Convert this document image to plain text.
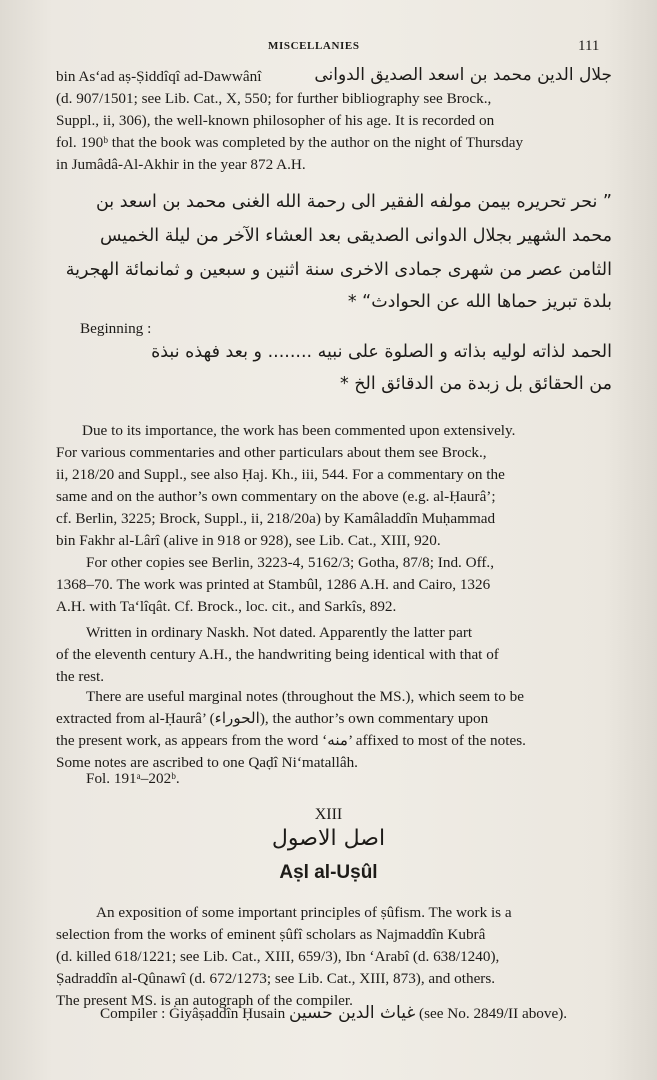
MISCELLANIES	111
bin As‘ad aṣ-Ṣiddîqî ad-Dawwânî	جلال الدين محمد بن اسعد الصديق الدوانى
(d. 907/1501; see Lib. Cat., X, 550; for further bibliography see Brock.,
Suppl., ii, 306), the well-known philosopher of his age. It is recorded on
fol. 190ᵇ that the book was completed by the author on the night of Thursday
in Jumâdâ-Al-Akhir in the year 872 A.H.
” نحر تحريره بيمن مولفه الفقير الى رحمة الله الغنى محمد بن اسعد بن
محمد الشهير بجلال الدوانى الصديقى بعد العشاء الآخر من ليلة الخميس
الثامن عصر من شهرى جمادى الاخرى سنة اثنين و سبعين و ثمانمائة الهجرية
بلدة تبريز حماها الله عن الحوادث“ *
Beginning :
الحمد لذاته لوليه بذاته و الصلوة على نبيه ........ و بعد فهذه نبذة
من الحقائق بل زبدة من الدقائق الخ *
Due to its importance, the work has been commented upon extensively.
For various commentaries and other particulars about them see Brock.,
ii, 218/20 and Suppl., see also Ḥaj. Kh., iii, 544. For a commentary on the
same and on the author’s own commentary on the above (e.g. al-Ḥaurâ’;
cf. Berlin, 3225; Brock, Suppl., ii, 218/20a) by Kamâladdîn Muḥammad
bin Fakhr al-Lârî (alive in 918 or 928), see Lib. Cat., XIII, 920.
For other copies see Berlin, 3223-4, 5162/3; Gotha, 87/8; Ind. Off.,
1368–70. The work was printed at Stambûl, 1286 A.H. and Cairo, 1326
A.H. with Ta‘lîqât. Cf. Brock., loc. cit., and Sarkîs, 892.
Written in ordinary Naskh. Not dated. Apparently the latter part
of the eleventh century A.H., the handwriting being identical with that of
the rest.
There are useful marginal notes (throughout the MS.), which seem to be
extracted from al-Ḥaurâ’ (الحوراء), the author’s own commentary upon
the present work, as appears from the word ‘منه’ affixed to most of the notes.
Some notes are ascribed to one Qaḍî Ni‘matallâh.
Fol. 191ᵃ–202ᵇ.
XIII
اصل الاصول
Aṣl al-Uṣûl
An exposition of some important principles of ṣûfism. The work is a
selection from the works of eminent ṣûfî scholars as Najmaddîn Kubrâ
(d. killed 618/1221; see Lib. Cat., XIII, 659/3), Ibn ‘Arabî (d. 638/1240),
Ṣadraddîn al-Qûnawî (d. 672/1273; see Lib. Cat., XIII, 873), and others.
The present MS. is an autograph of the compiler.
Compiler : Ġiyâṣaddîn Ḥusain غياث الدين حسين (see No. 2849/II above).
